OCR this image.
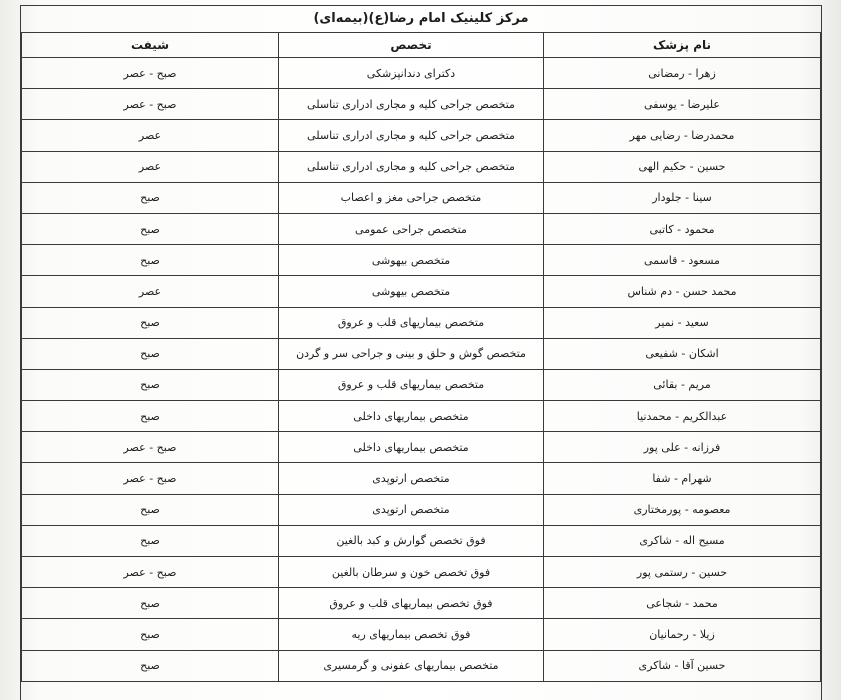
مرکز کلینیک امام رضا(ع)(بیمه‌ای)
نام پزشک	تخصص	شیفت
زهرا - رمضانی	دکترای دندانپزشکی	صبح - عصر
علیرضا - یوسفی	متخصص جراحی کلیه و مجاری ادراری تناسلی	صبح - عصر
محمدرضا - رضایی مهر	متخصص جراحی کلیه و مجاری ادراری تناسلی	عصر
حسین - حکیم الهی	متخصص جراحی کلیه و مجاری ادراری تناسلی	عصر
سینا - جلودار	متخصص جراحی مغز و اعصاب	صبح
محمود - کاتبی	متخصص جراحی عمومی	صبح
مسعود - قاسمی	متخصص بیهوشی	صبح
محمد حسن - دم شناس	متخصص بیهوشی	عصر
سعید - نمیر	متخصص بیماریهای قلب و عروق	صبح
اشکان - شفیعی	متخصص گوش و حلق و بینی و جراحی سر و گردن	صبح
مریم - بقائی	متخصص بیماریهای قلب و عروق	صبح
عبدالکریم - محمدنیا	متخصص بیماریهای داخلی	صبح
فرزانه - علی پور	متخصص بیماریهای داخلی	صبح - عصر
شهرام - شفا	متخصص ارتوپدی	صبح - عصر
معصومه - پورمختاری	متخصص ارتوپدی	صبح
مسیح اله - شاکری	فوق تخصص گوارش و کبد بالغین	صبح
حسین - رستمی پور	فوق تخصص خون و سرطان بالغین	صبح - عصر
محمد - شجاعی	فوق تخصص بیماریهای قلب و عروق	صبح
زیلا - رحمانیان	فوق تخصص بیماریهای ریه	صبح
حسین آقا - شاکری	متخصص بیماریهای عفونی و گرمسیری	صبح
